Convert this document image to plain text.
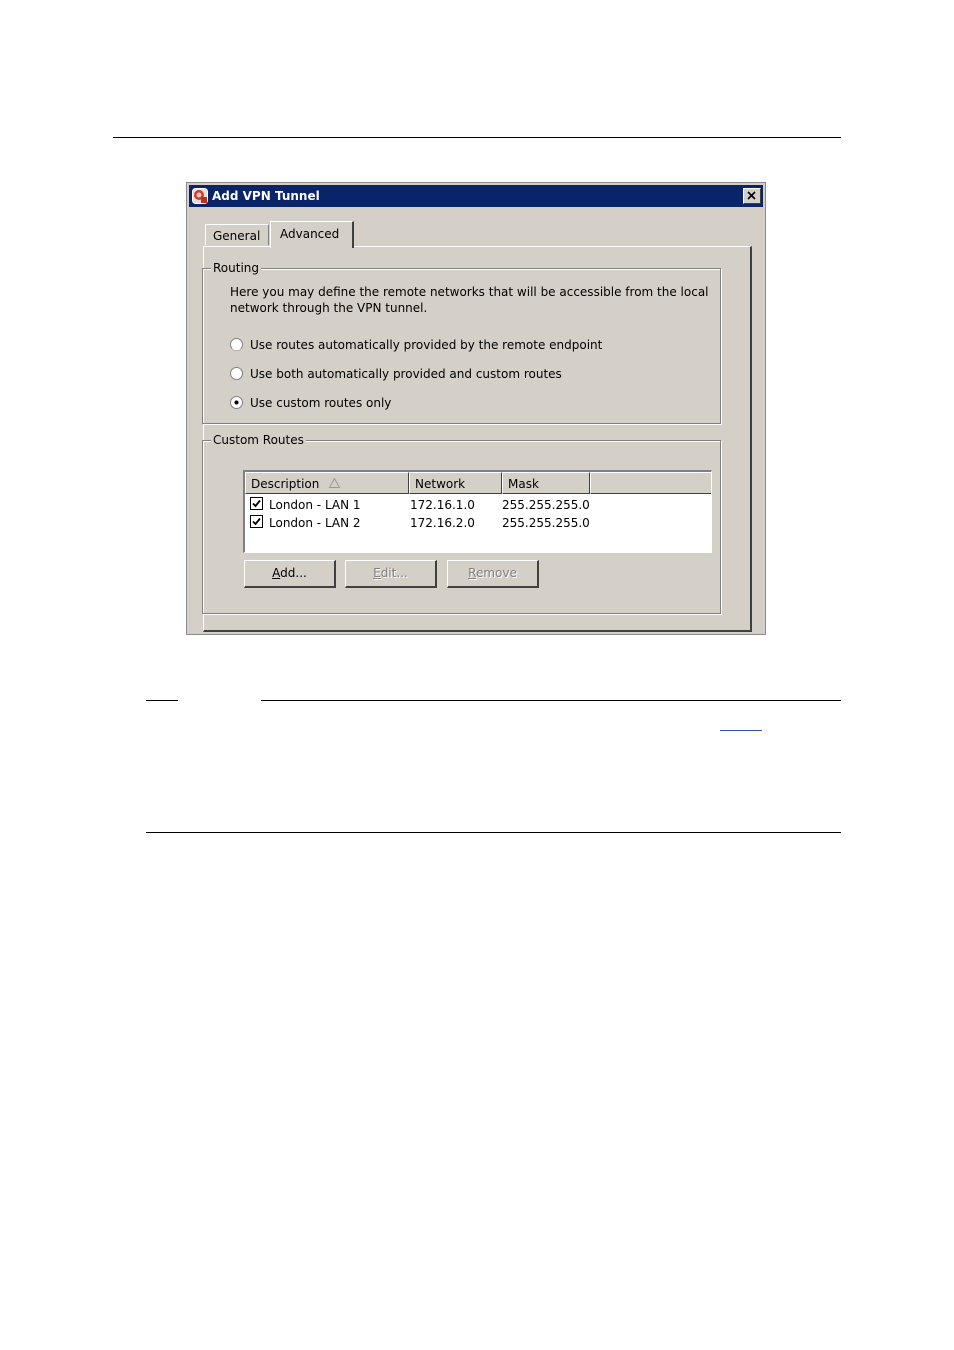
Add VPN Tunnel
General	Advanced
Routing
Here you may define the remote networks that will be accessible from the local network through the VPN tunnel.
Use routes automatically provided by the remote endpoint
Use both automatically provided and custom routes
Use custom routes only
Custom Routes
Description	Network	Mask
London - LAN 1	172.16.1.0 255.255.255.0
London - LAN 2	172.16.2.0 255.255.255.0
Add...	Edit...	Remove
